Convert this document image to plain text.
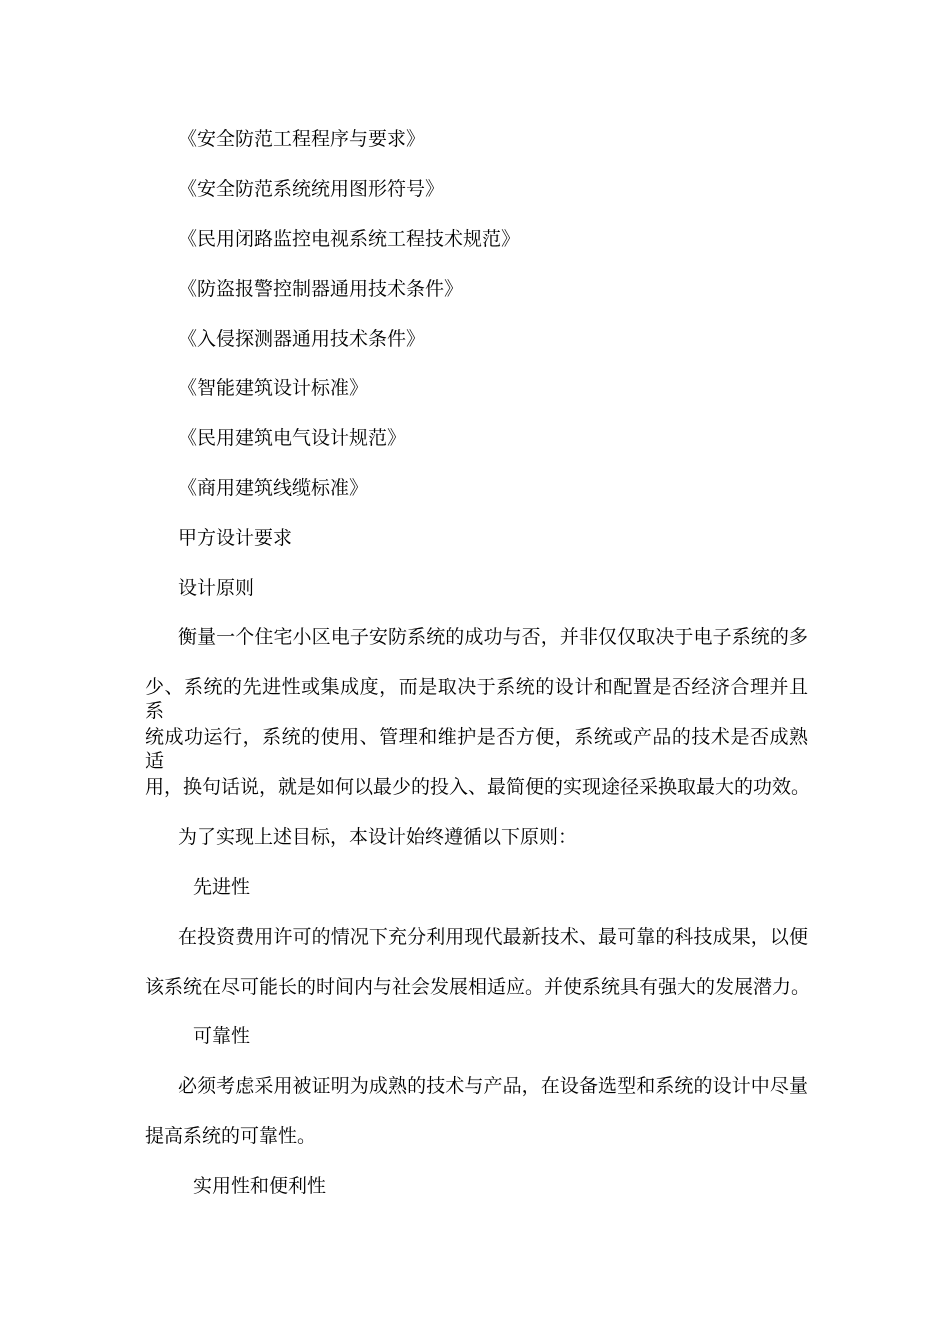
《安全防范工程程序与要求》
《安全防范系统统用图形符号》
《民用闭路监控电视系统工程技术规范》
《防盗报警控制器通用技术条件》
《入侵探测器通用技术条件》
《智能建筑设计标准》
《民用建筑电气设计规范》
《商用建筑线缆标准》
甲方设计要求
设计原则
衡量一个住宅小区电子安防系统的成功与否，并非仅仅取决于电子系统的多
少、系统的先进性或集成度，而是取决于系统的设计和配置是否经济合理并且系
统成功运行，系统的使用、管理和维护是否方便，系统或产品的技术是否成熟适
用，换句话说，就是如何以最少的投入、最简便的实现途径采换取最大的功效。
为了实现上述目标，本设计始终遵循以下原则：
先进性
在投资费用许可的情况下充分利用现代最新技术、最可靠的科技成果，以便
该系统在尽可能长的时间内与社会发展相适应。并使系统具有强大的发展潜力。
可靠性
必须考虑采用被证明为成熟的技术与产品，在设备选型和系统的设计中尽量
提高系统的可靠性。
实用性和便利性
